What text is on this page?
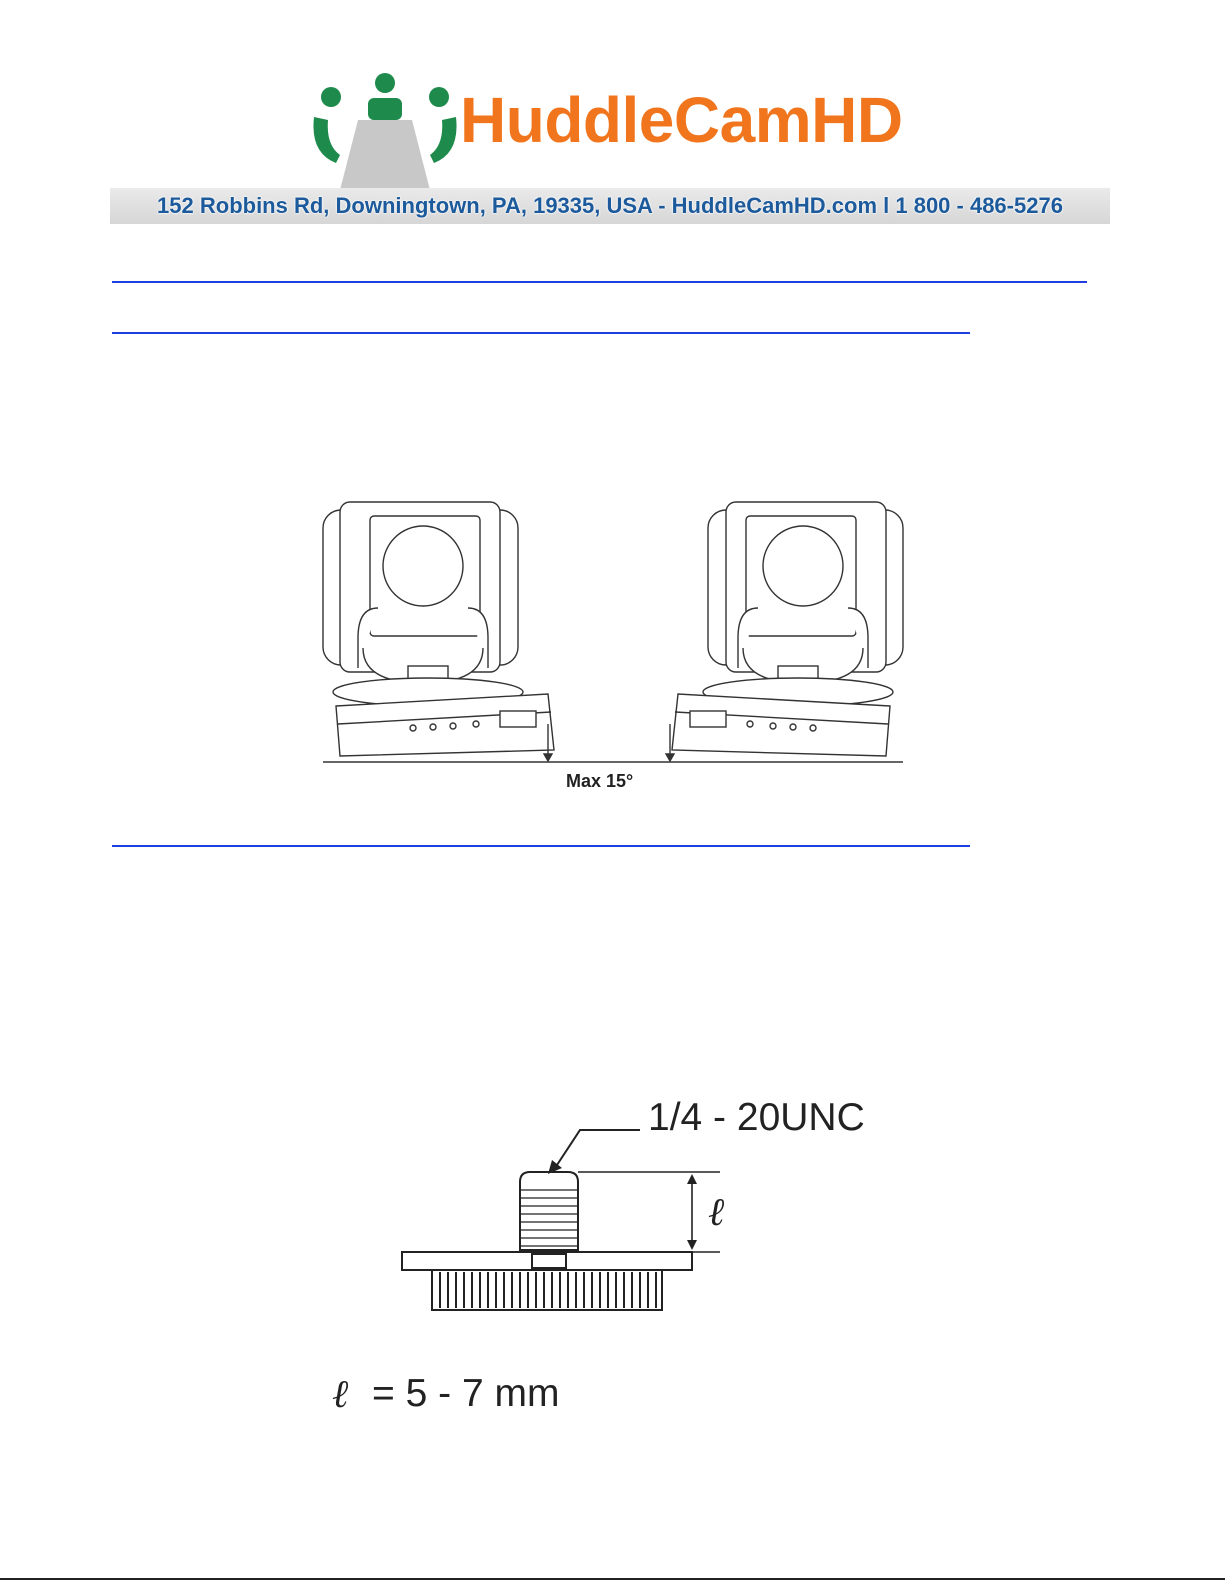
HuddleCamHD
152 Robbins Rd, Downingtown, PA, 19335, USA - HuddleCamHD.com l 1 800 - 486-5276
Max 15°
1/4 - 20UNC
ℓ
ℓ = 5 - 7 mm
